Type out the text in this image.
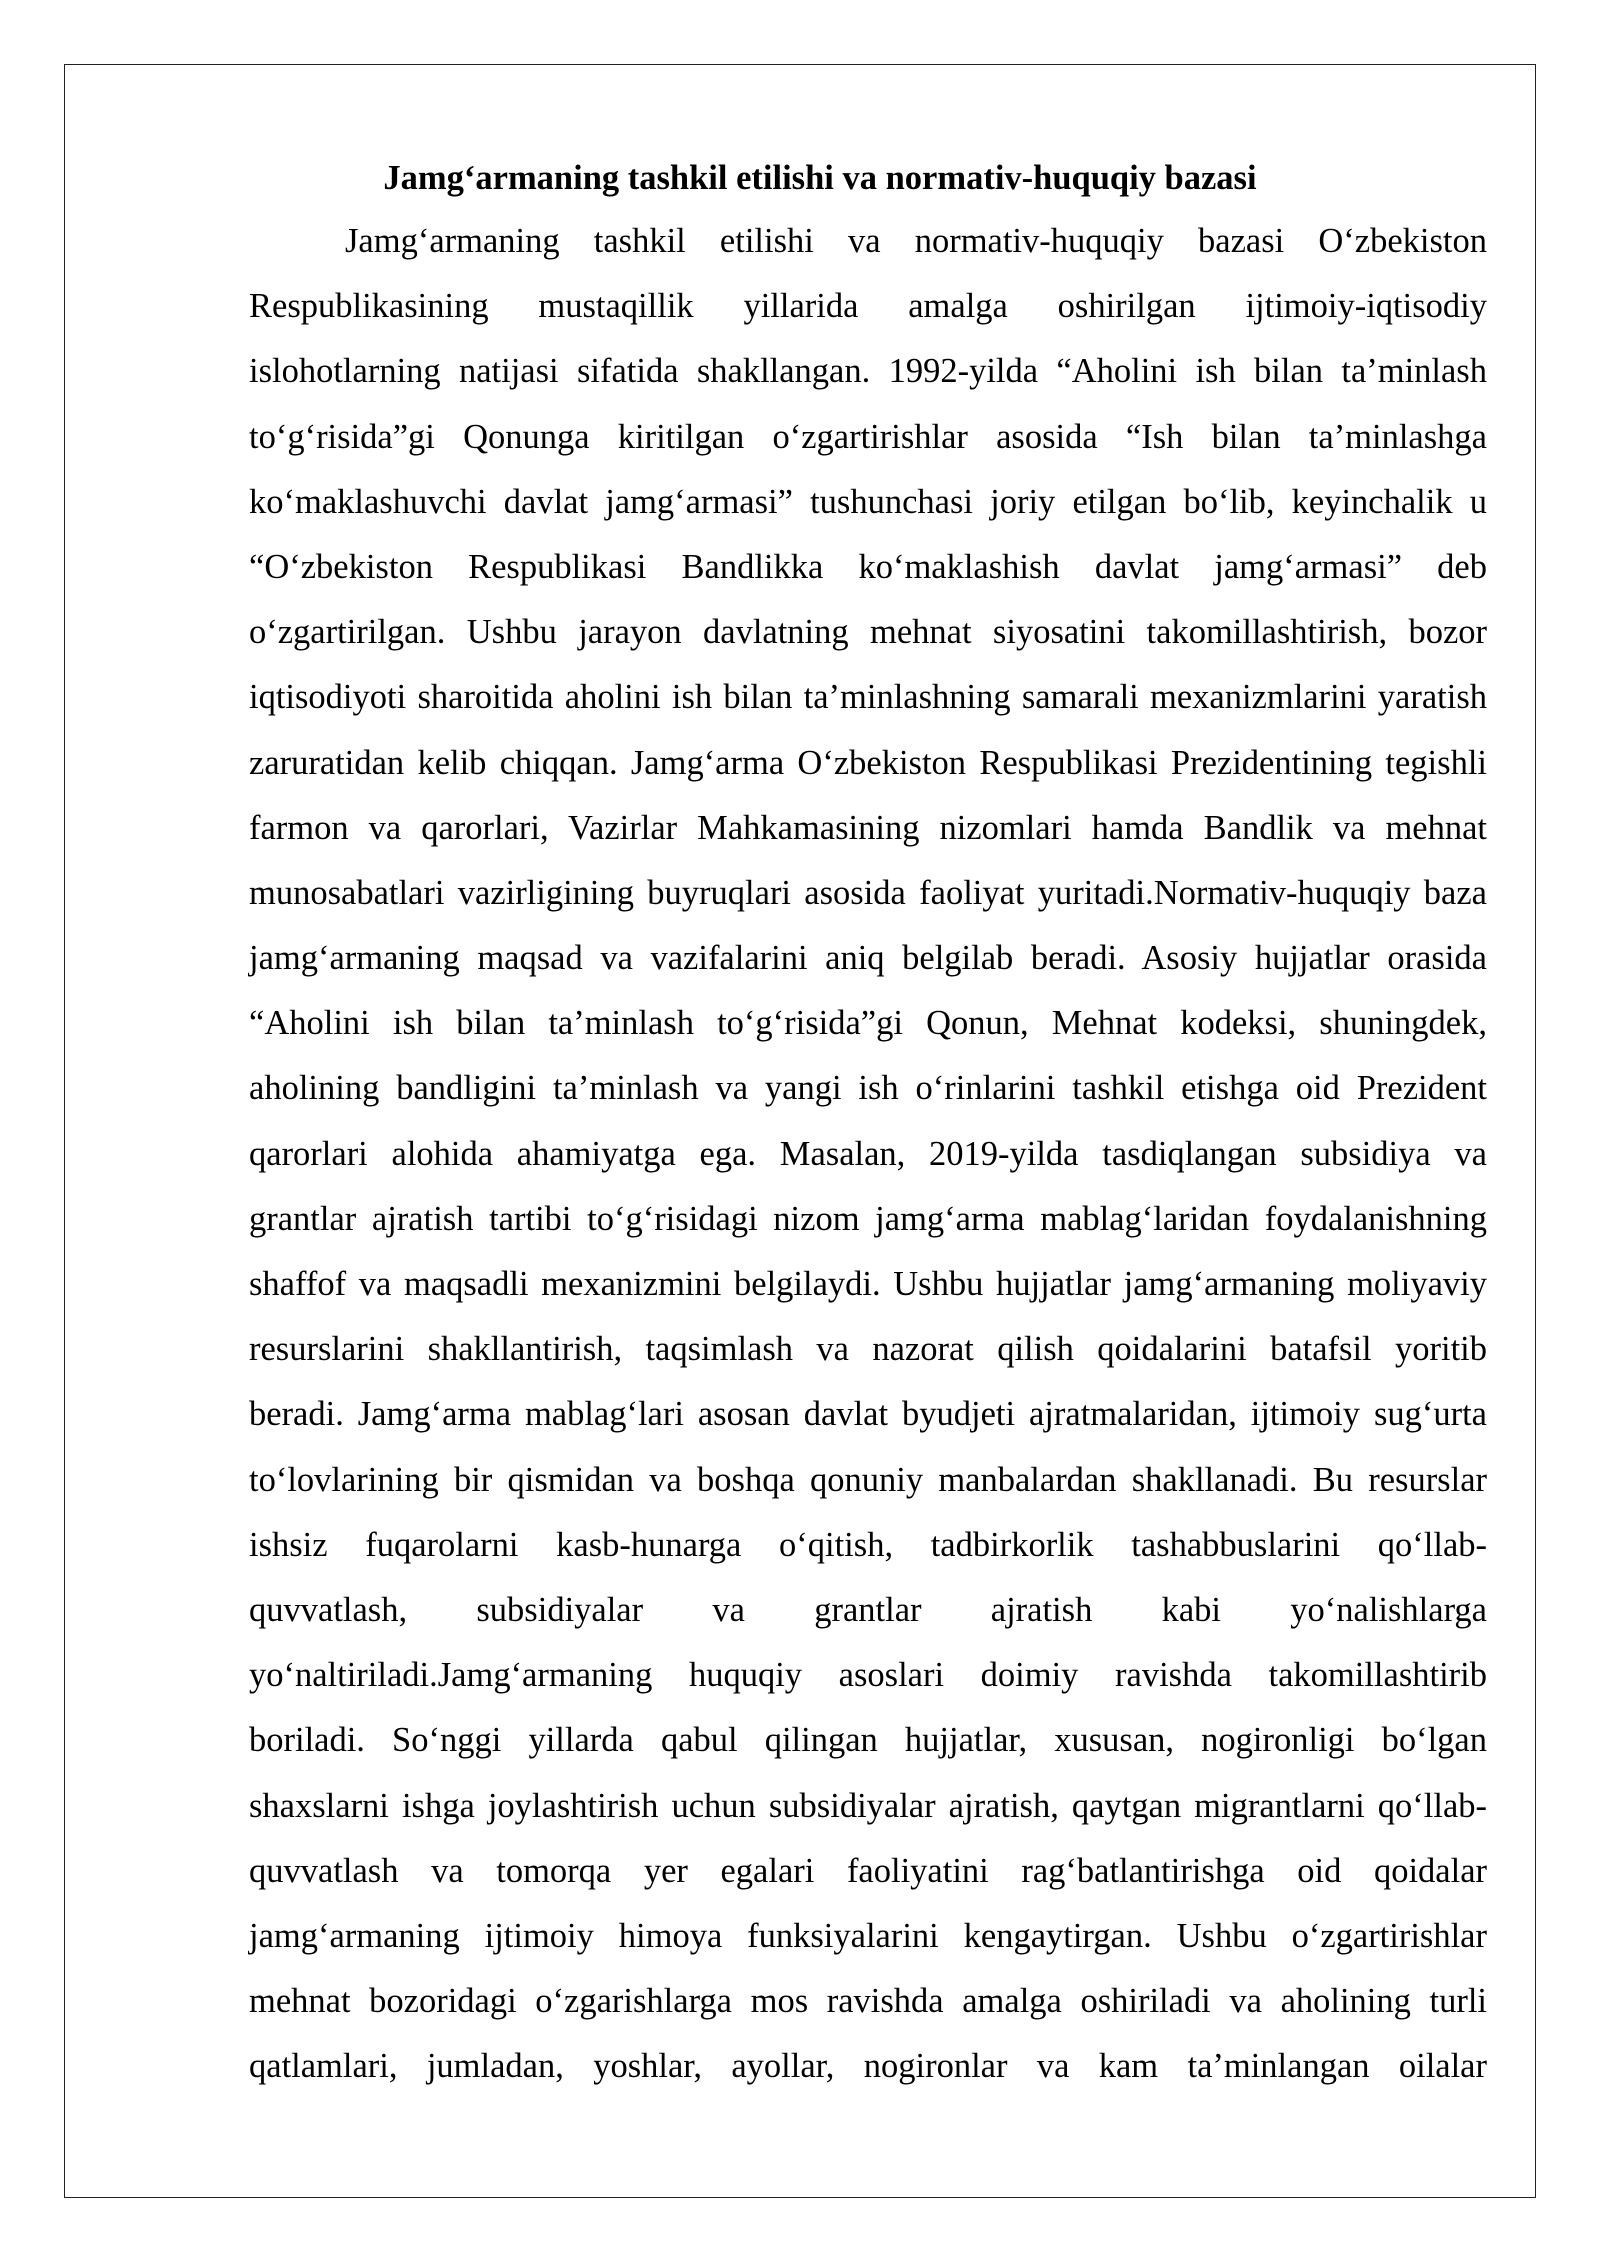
Jamg‘armaning tashkil etilishi va normativ-huquqiy bazasi
Jamg‘armaning tashkil etilishi va normativ-huquqiy bazasi O‘zbekiston
Respublikasining mustaqillik yillarida amalga oshirilgan ijtimoiy-iqtisodiy
islohotlarning natijasi sifatida shakllangan. 1992-yilda “Aholini ish bilan ta’minlash
to‘g‘risida”gi Qonunga kiritilgan o‘zgartirishlar asosida “Ish bilan ta’minlashga
ko‘maklashuvchi davlat jamg‘armasi” tushunchasi joriy etilgan bo‘lib, keyinchalik u
“O‘zbekiston Respublikasi Bandlikka ko‘maklashish davlat jamg‘armasi” deb
o‘zgartirilgan. Ushbu jarayon davlatning mehnat siyosatini takomillashtirish, bozor
iqtisodiyoti sharoitida aholini ish bilan ta’minlashning samarali mexanizmlarini yaratish
zaruratidan kelib chiqqan. Jamg‘arma O‘zbekiston Respublikasi Prezidentining tegishli
farmon va qarorlari, Vazirlar Mahkamasining nizomlari hamda Bandlik va mehnat
munosabatlari vazirligining buyruqlari asosida faoliyat yuritadi.Normativ-huquqiy baza
jamg‘armaning maqsad va vazifalarini aniq belgilab beradi. Asosiy hujjatlar orasida
“Aholini ish bilan ta’minlash to‘g‘risida”gi Qonun, Mehnat kodeksi, shuningdek,
aholining bandligini ta’minlash va yangi ish o‘rinlarini tashkil etishga oid Prezident
qarorlari alohida ahamiyatga ega. Masalan, 2019-yilda tasdiqlangan subsidiya va
grantlar ajratish tartibi to‘g‘risidagi nizom jamg‘arma mablag‘laridan foydalanishning
shaffof va maqsadli mexanizmini belgilaydi. Ushbu hujjatlar jamg‘armaning moliyaviy
resurslarini shakllantirish, taqsimlash va nazorat qilish qoidalarini batafsil yoritib
beradi. Jamg‘arma mablag‘lari asosan davlat byudjeti ajratmalaridan, ijtimoiy sug‘urta
to‘lovlarining bir qismidan va boshqa qonuniy manbalardan shakllanadi. Bu resurslar
ishsiz fuqarolarni kasb-hunarga o‘qitish, tadbirkorlik tashabbuslarini qo‘llab-
quvvatlash, subsidiyalar va grantlar ajratish kabi yo‘nalishlarga
yo‘naltiriladi.Jamg‘armaning huquqiy asoslari doimiy ravishda takomillashtirib
boriladi. So‘nggi yillarda qabul qilingan hujjatlar, xususan, nogironligi bo‘lgan
shaxslarni ishga joylashtirish uchun subsidiyalar ajratish, qaytgan migrantlarni qo‘llab-
quvvatlash va tomorqa yer egalari faoliyatini rag‘batlantirishga oid qoidalar
jamg‘armaning ijtimoiy himoya funksiyalarini kengaytirgan. Ushbu o‘zgartirishlar
mehnat bozoridagi o‘zgarishlarga mos ravishda amalga oshiriladi va aholining turli
qatlamlari, jumladan, yoshlar, ayollar, nogironlar va kam ta’minlangan oilalar
